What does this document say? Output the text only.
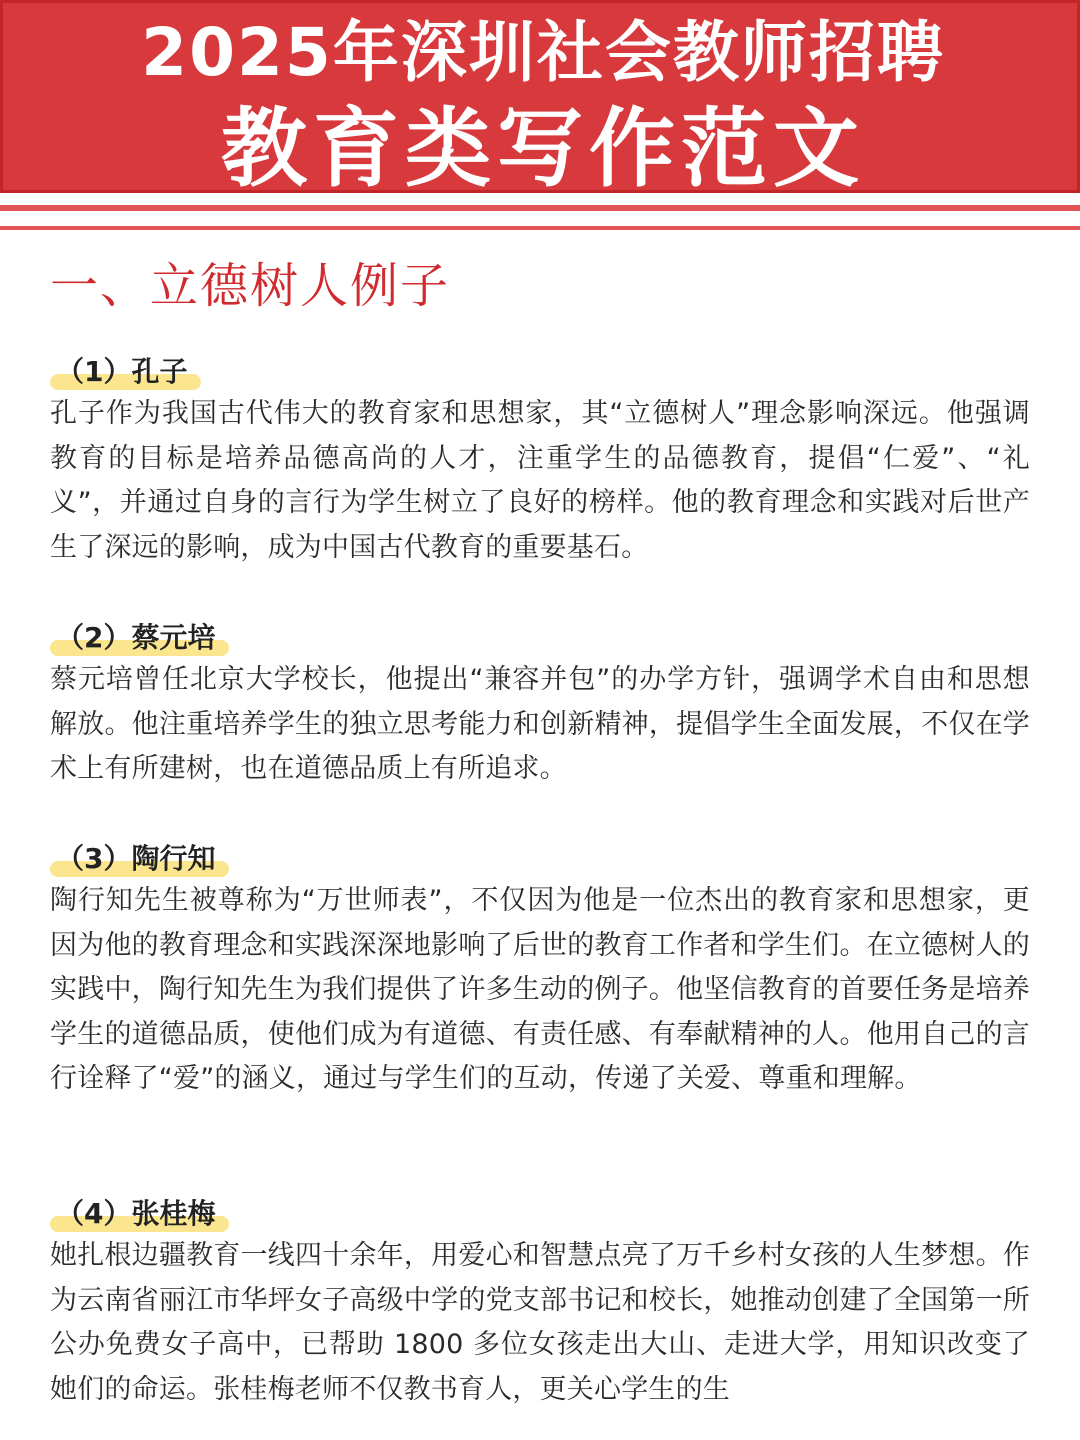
2025年深圳社会教师招聘
教育类写作范文
一、立德树人例子
（1）孔子

孔子作为我国古代伟大的教育家和思想家，其“立德树人”理念影响深远。他强调教育的目标是培养品德高尚的人才，注重学生的品德教育，提倡“仁爱”、“礼义”，并通过自身的言行为学生树立了良好的榜样。他的教育理念和实践对后世产生了深远的影响，成为中国古代教育的重要基石。

（2）蔡元培

蔡元培曾任北京大学校长，他提出“兼容并包”的办学方针，强调学术自由和思想解放。他注重培养学生的独立思考能力和创新精神，提倡学生全面发展，不仅在学术上有所建树，也在道德品质上有所追求。

（3）陶行知

陶行知先生被尊称为“万世师表”，不仅因为他是一位杰出的教育家和思想家，更因为他的教育理念和实践深深地影响了后世的教育工作者和学生们。在立德树人的实践中，陶行知先生为我们提供了许多生动的例子。他坚信教育的首要任务是培养学生的道德品质，使他们成为有道德、有责任感、有奉献精神的人。他用自己的言行诠释了“爱”的涵义，通过与学生们的互动，传递了关爱、尊重和理解。

（4）张桂梅

她扎根边疆教育一线四十余年，用爱心和智慧点亮了万千乡村女孩的人生梦想。作为云南省丽江市华坪女子高级中学的党支部书记和校长，她推动创建了全国第一所公办免费女子高中，已帮助 1800 多位女孩走出大山、走进大学，用知识改变了她们的命运。张桂梅老师不仅教书育人，更关心学生的生
